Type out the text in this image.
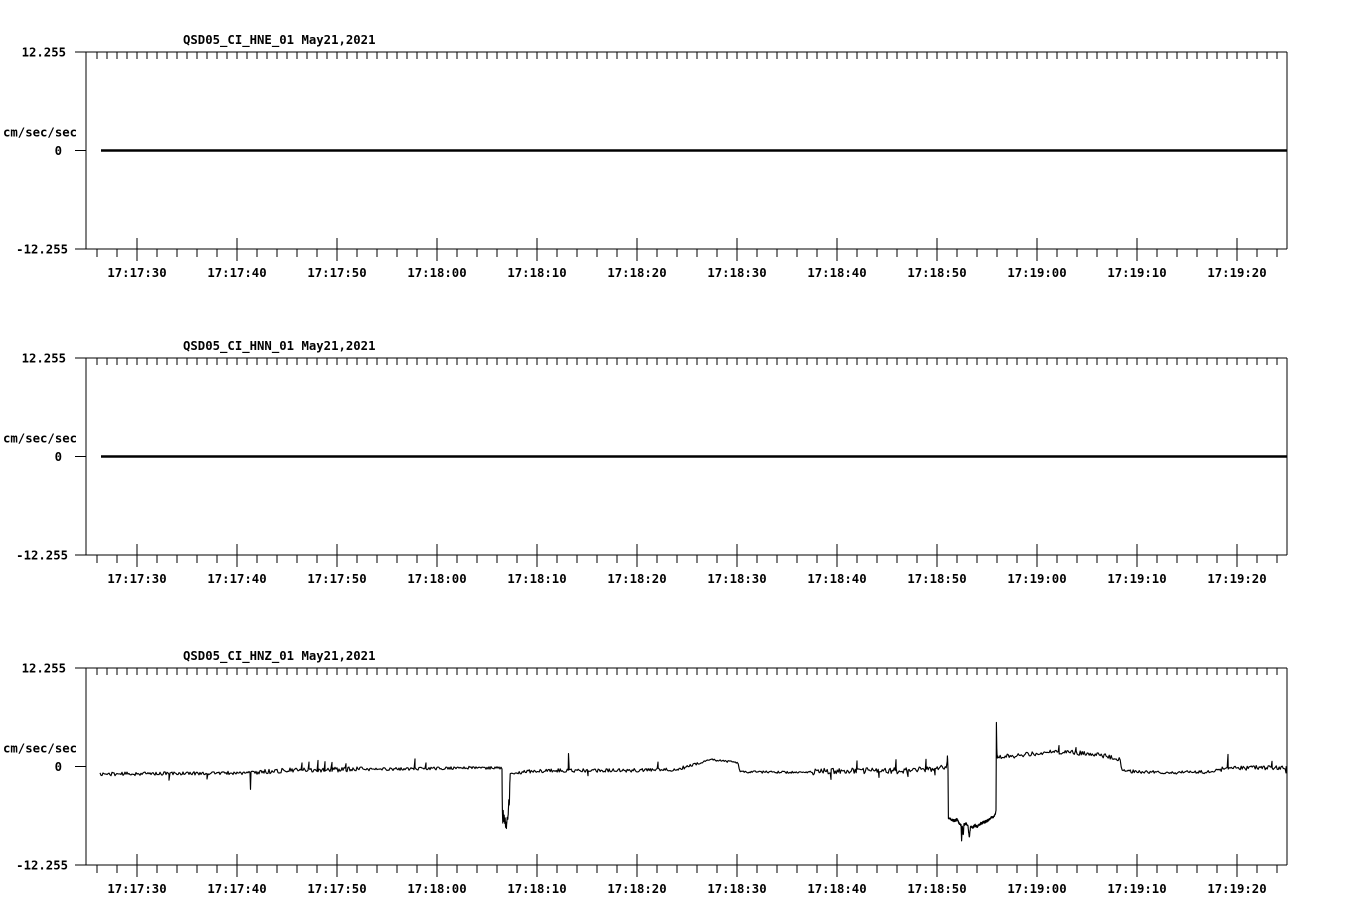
QSD05_CI_HNE_01 May21,2021
12.255
cm/sec/sec
0
-12.255
17:17:30	17:17:40	17:17:50	17:18:00	17:18:10	17:18:20	17:18:30	17:18:40	17:18:50	17:19:00	17:19:10	17:19:20
QSD05_CI_HNN_01 May21,2021
12.255
cm/sec/sec
0
-12.255
17:17:30	17:17:40	17:17:50	17:18:00	17:18:10	17:18:20	17:18:30	17:18:40	17:18:50	17:19:00	17:19:10	17:19:20
QSD05_CI_HNZ_01 May21,2021
12.255
cm/sec/sec
0
-12.255
17:17:30	17:17:40	17:17:50	17:18:00	17:18:10	17:18:20	17:18:30	17:18:40	17:18:50	17:19:00	17:19:10	17:19:20
